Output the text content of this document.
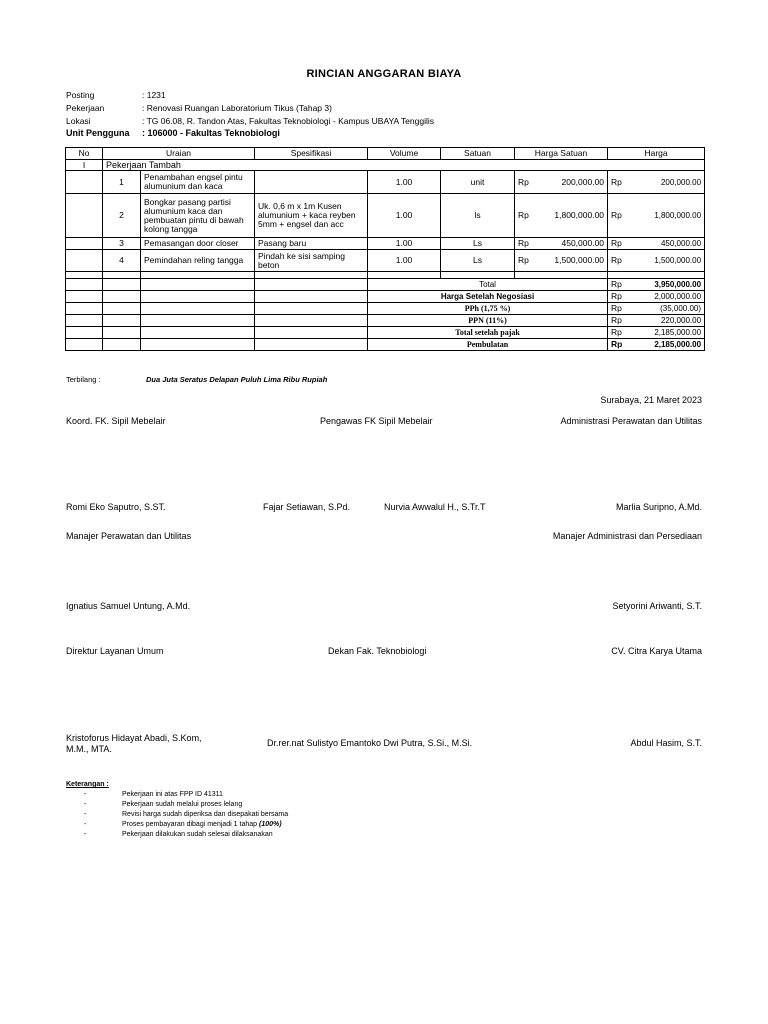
RINCIAN ANGGARAN BIAYA
Posting	: 1231
Pekerjaan	: Renovasi Ruangan Laboratorium Tikus (Tahap 3)
Lokasi	: TG 06.08, R. Tandon Atas, Fakultas Teknobiologi - Kampus UBAYA Tenggilis
Unit Pengguna	: 106000 - Fakultas Teknobiologi
No	Uraian		Spesifikasi	Volume	Satuan	Harga Satuan		Harga	
I	Pekerjaan Tambah								
	1	Penambahan engsel pintu alumunium dan kaca		1.00	unit	Rp	200,000.00	Rp	200,000.00
	2	Bongkar pasang partisi alumunium kaca dan pembuatan pintu di bawah kolong tangga	Uk. 0,6 m x 1m Kusen alumunium + kaca reyben 5mm + engsel dan acc	1.00	ls	Rp	1,800,000.00	Rp	1,800,000.00
	3	Pemasangan door closer	Pasang baru	1.00	Ls	Rp	450,000.00	Rp	450,000.00
	4	Pemindahan reling tangga	Pindah ke sisi samping beton	1.00	Ls	Rp	1,500,000.00	Rp	1,500,000.00

				Total				Rp	3,950,000.00
				Harga Setelah Negosiasi				Rp	2,000,000.00
				PPh (1,75 %)				Rp	(35,000.00)
				PPN (11%)				Rp	220,000.00
				Total setelah pajak				Rp	2,185,000.00
				Pembulatan				Rp	2,185,000.00
Terbilang :	Dua Juta Seratus Delapan Puluh Lima Ribu Rupiah
Surabaya, 21 Maret 2023
Koord. FK. Sipil Mebelair	Pengawas FK Sipil Mebelair	Administrasi Perawatan dan Utilitas
Romi Eko Saputro, S.ST.	Fajar Setiawan, S.Pd.	Nurvia Awwalul H., S.Tr.T	Marlia Suripno, A.Md.
Manajer Perawatan dan Utilitas	Manajer Administrasi dan Persediaan
Ignatius Samuel Untung, A.Md.	Setyorini Ariwanti, S.T.
Direktur Layanan Umum	Dekan Fak. Teknobiologi	CV. Citra Karya Utama
Kristoforus Hidayat Abadi, S.Kom,
M.M., MTA.
Dr.rer.nat Sulistyo Emantoko Dwi Putra, S.Si., M.Si.	Abdul Hasim, S.T.
Keterangan :
-	Pekerjaan ini atas FPP ID 41311
-	Pekerjaan sudah melalui proses lelang
-	Revisi harga sudah diperiksa dan disepakati bersama
-	Proses pembayaran dibagi menjadi 1 tahap (100%)
-	Pekerjaan dilakukan sudah selesai dilaksanakan
